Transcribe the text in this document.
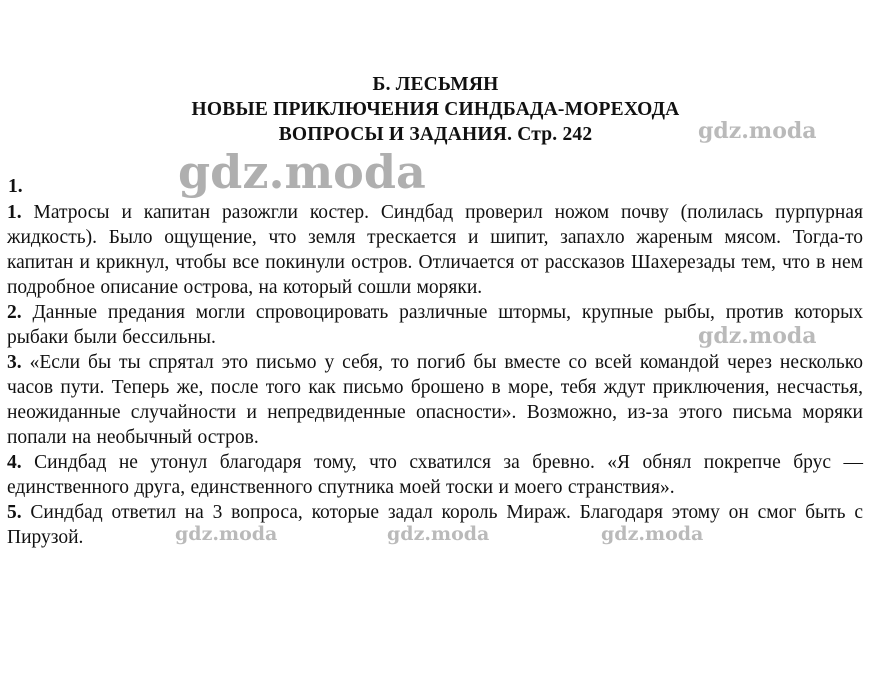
Б. ЛЕСЬМЯН
НОВЫЕ ПРИКЛЮЧЕНИЯ СИНДБАДА-МОРЕХОДА
ВОПРОСЫ И ЗАДАНИЯ. Стр. 242
1.

1. Матросы и капитан разожгли костер. Синдбад проверил ножом почву (полилась пурпурная жидкость). Было ощущение, что земля трескается и шипит, запахло жареным мясом. Тогда-то капитан и крикнул, чтобы все покинули остров. Отличается от рассказов Шахерезады тем, что в нем подробное описание острова, на который сошли моряки.

2. Данные предания могли спровоцировать различные штормы, крупные рыбы, против которых рыбаки были бессильны.

3. «Если бы ты спрятал это письмо у себя, то погиб бы вместе со всей командой через несколько часов пути. Теперь же, после того как письмо брошено в море, тебя ждут приключения, несчастья, неожиданные случайности и непредвиденные опасности». Возможно, из-за этого письма моряки попали на необычный остров.

4. Синдбад не утонул благодаря тому, что схватился за бревно. «Я обнял покрепче брус — единственного друга, единственного спутника моей тоски и моего странствия».

5. Синдбад ответил на 3 вопроса, которые задал король Мираж. Благодаря этому он смог быть с Пирузой.

gdz.moda
gdz.moda
gdz.moda
gdz.moda	gdz.moda	gdz.moda
